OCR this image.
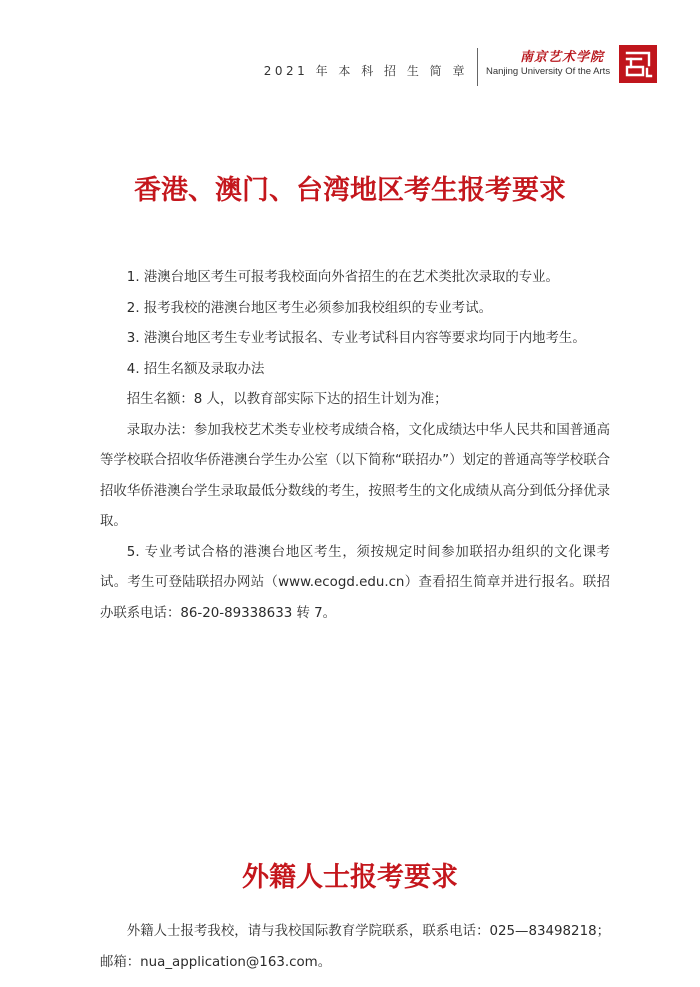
2021 年 本 科 招 生 简 章
南京艺术学院
Nanjing University Of the Arts
香港、澳门、台湾地区考生报考要求

1. 港澳台地区考生可报考我校面向外省招生的在艺术类批次录取的专业。

2. 报考我校的港澳台地区考生必须参加我校组织的专业考试。

3. 港澳台地区考生专业考试报名、专业考试科目内容等要求均同于内地考生。

4. 招生名额及录取办法

招生名额：8 人，以教育部实际下达的招生计划为准；

录取办法：参加我校艺术类专业校考成绩合格，文化成绩达中华人民共和国普通高等学校联合招收华侨港澳台学生办公室（以下简称“联招办”）划定的普通高等学校联合招收华侨港澳台学生录取最低分数线的考生，按照考生的文化成绩从高分到低分择优录取。

5. 专业考试合格的港澳台地区考生，须按规定时间参加联招办组织的文化课考试。考生可登陆联招办网站（www.ecogd.edu.cn）查看招生简章并进行报名。联招办联系电话：86-20-89338633 转 7。

外籍人士报考要求

外籍人士报考我校，请与我校国际教育学院联系，联系电话：025—83498218；邮箱：nua_application@163.com。
